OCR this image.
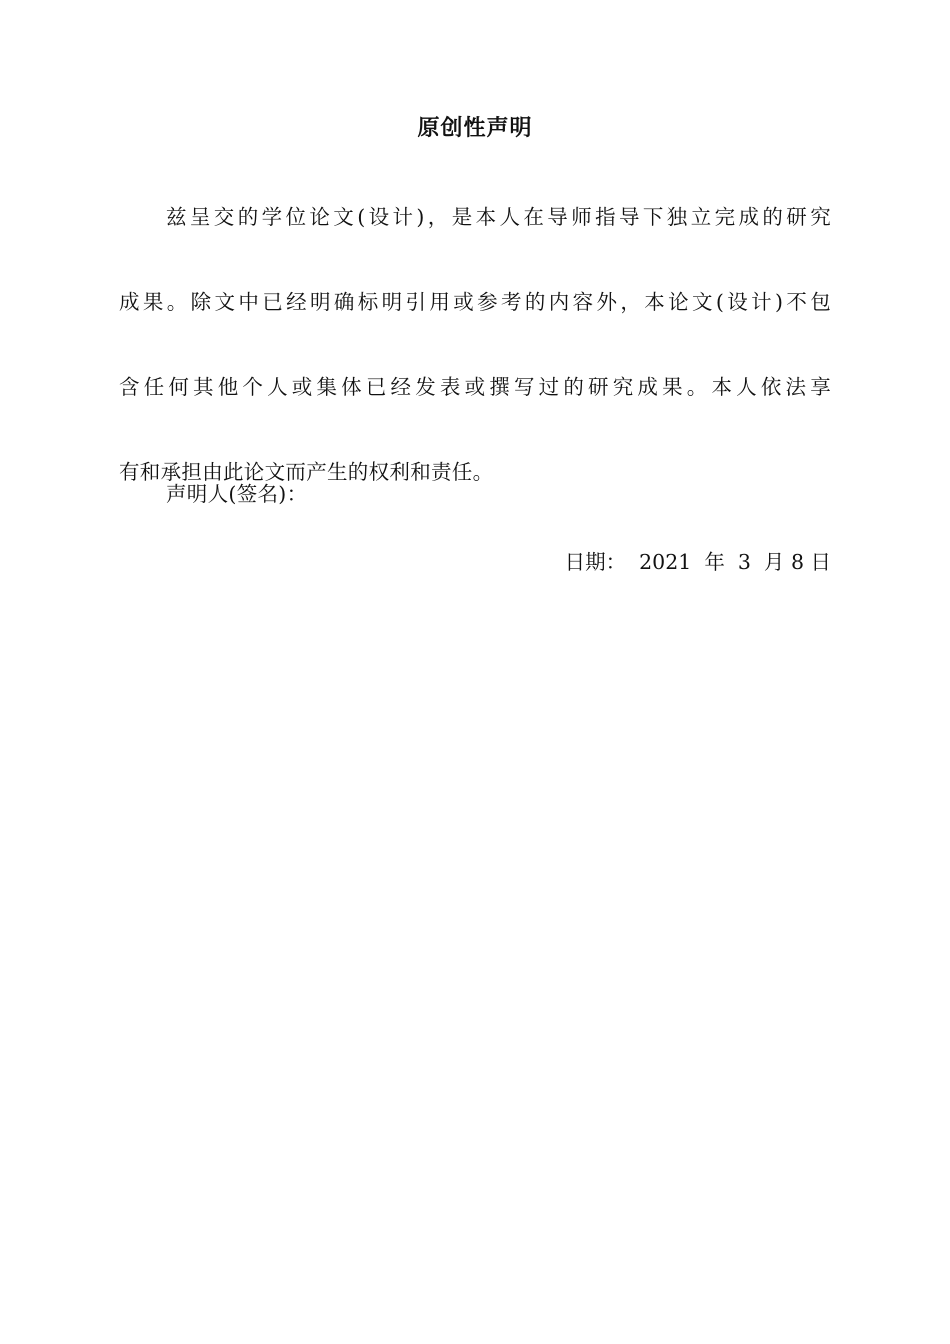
原创性声明
兹呈交的学位论文(设计)，是本人在导师指导下独立完成的研究
成果。除文中已经明确标明引用或参考的内容外，本论文(设计)不包
含任何其他个人或集体已经发表或撰写过的研究成果。本人依法享
有和承担由此论文而产生的权利和责任。
声明人(签名)：
日期：  2021  年  3  月 8 日
